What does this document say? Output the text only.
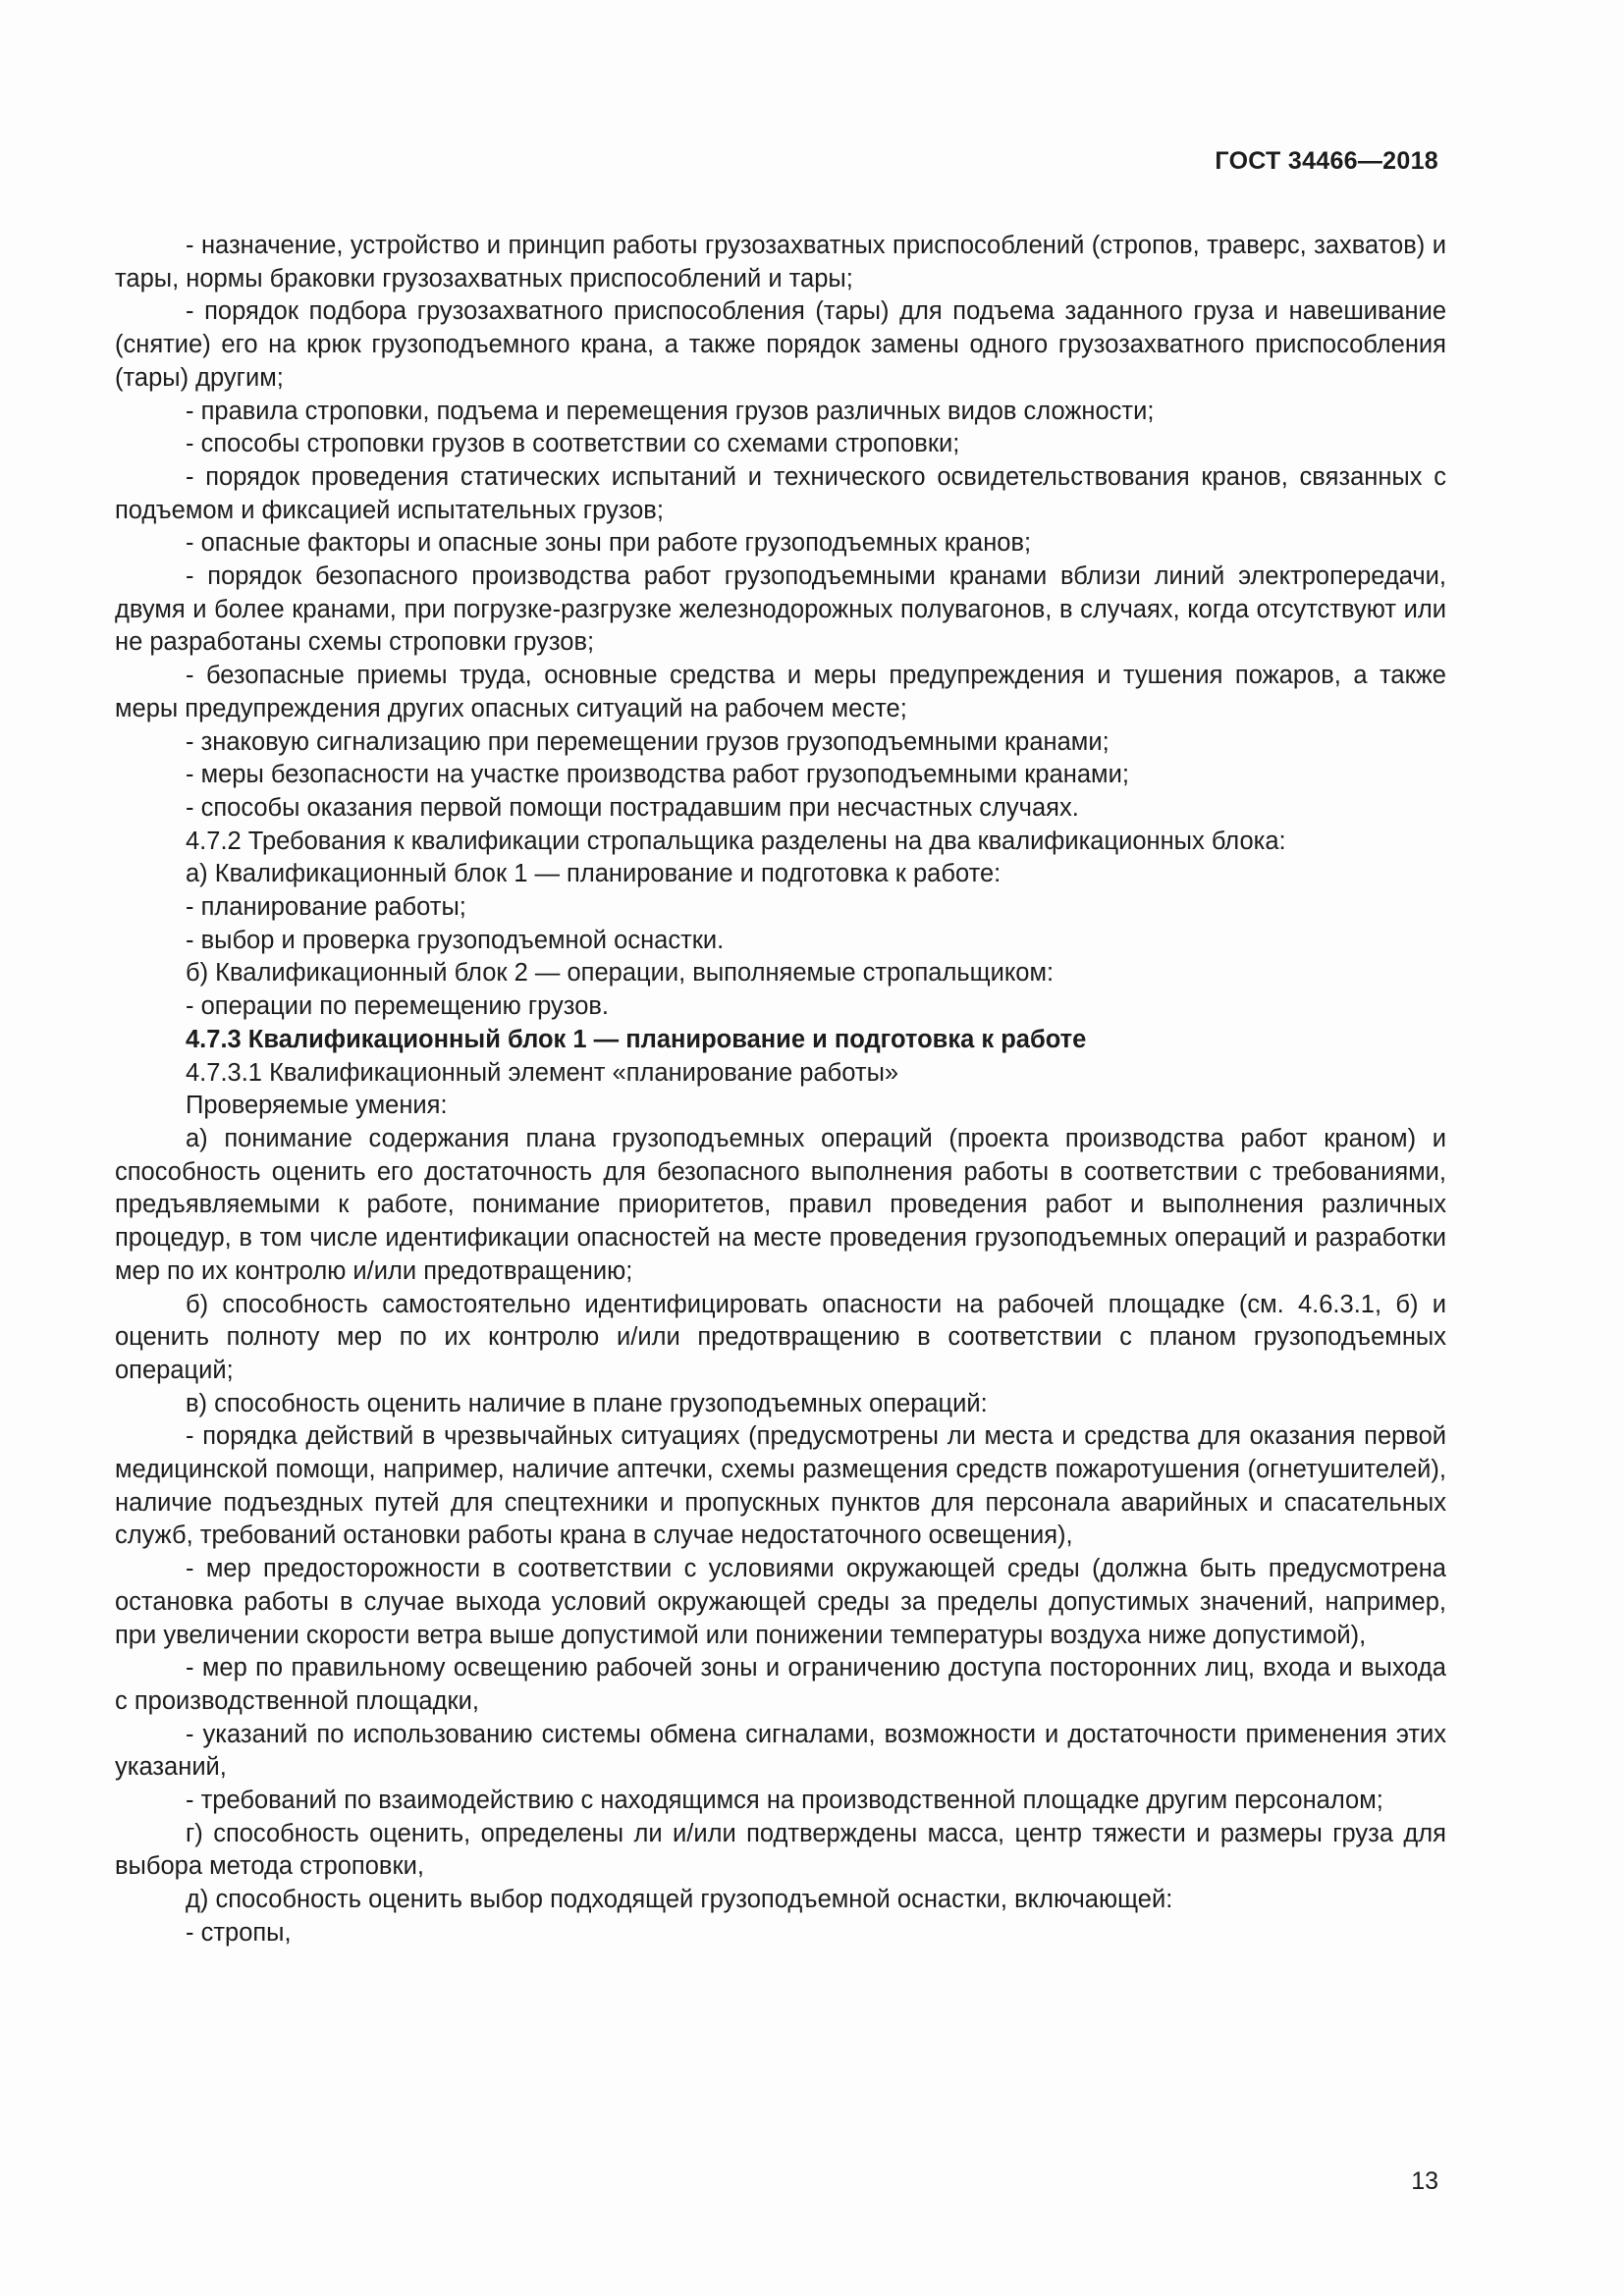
ГОСТ 34466—2018

- назначение, устройство и принцип работы грузозахватных приспособлений (стропов, траверс, захватов) и тары, нормы браковки грузозахватных приспособлений и тары;

- порядок подбора грузозахватного приспособления (тары) для подъема заданного груза и навешивание (снятие) его на крюк грузоподъемного крана, а также порядок замены одного грузозахватного приспособления (тары) другим;

- правила строповки, подъема и перемещения грузов различных видов сложности;

- способы строповки грузов в соответствии со схемами строповки;

- порядок проведения статических испытаний и технического освидетельствования кранов, связанных с подъемом и фиксацией испытательных грузов;

- опасные факторы и опасные зоны при работе грузоподъемных кранов;

- порядок безопасного производства работ грузоподъемными кранами вблизи линий электропередачи, двумя и более кранами, при погрузке-разгрузке железнодорожных полувагонов, в случаях, когда отсутствуют или не разработаны схемы строповки грузов;

- безопасные приемы труда, основные средства и меры предупреждения и тушения пожаров, а также меры предупреждения других опасных ситуаций на рабочем месте;

- знаковую сигнализацию при перемещении грузов грузоподъемными кранами;

- меры безопасности на участке производства работ грузоподъемными кранами;

- способы оказания первой помощи пострадавшим при несчастных случаях.

4.7.2 Требования к квалификации стропальщика разделены на два квалификационных блока:

а) Квалификационный блок 1 — планирование и подготовка к работе:

- планирование работы;

- выбор и проверка грузоподъемной оснастки.

б) Квалификационный блок 2 — операции, выполняемые стропальщиком:

- операции по перемещению грузов.

4.7.3 Квалификационный блок 1 — планирование и подготовка к работе

4.7.3.1 Квалификационный элемент «планирование работы»

Проверяемые умения:

а) понимание содержания плана грузоподъемных операций (проекта производства работ краном) и способность оценить его достаточность для безопасного выполнения работы в соответствии с требованиями, предъявляемыми к работе, понимание приоритетов, правил проведения работ и выполнения различных процедур, в том числе идентификации опасностей на месте проведения грузоподъемных операций и разработки мер по их контролю и/или предотвращению;

б) способность самостоятельно идентифицировать опасности на рабочей площадке (см. 4.6.3.1, б) и оценить полноту мер по их контролю и/или предотвращению в соответствии с планом грузоподъемных операций;

в) способность оценить наличие в плане грузоподъемных операций:

- порядка действий в чрезвычайных ситуациях (предусмотрены ли места и средства для оказания первой медицинской помощи, например, наличие аптечки, схемы размещения средств пожаротушения (огнетушителей), наличие подъездных путей для спецтехники и пропускных пунктов для персонала аварийных и спасательных служб, требований остановки работы крана в случае недостаточного освещения),

- мер предосторожности в соответствии с условиями окружающей среды (должна быть предусмотрена остановка работы в случае выхода условий окружающей среды за пределы допустимых значений, например, при увеличении скорости ветра выше допустимой или понижении температуры воздуха ниже допустимой),

- мер по правильному освещению рабочей зоны и ограничению доступа посторонних лиц, входа и выхода с производственной площадки,

- указаний по использованию системы обмена сигналами, возможности и достаточности применения этих указаний,

- требований по взаимодействию с находящимся на производственной площадке другим персоналом;

г) способность оценить, определены ли и/или подтверждены масса, центр тяжести и размеры груза для выбора метода строповки,

д) способность оценить выбор подходящей грузоподъемной оснастки, включающей:

- стропы,

13
